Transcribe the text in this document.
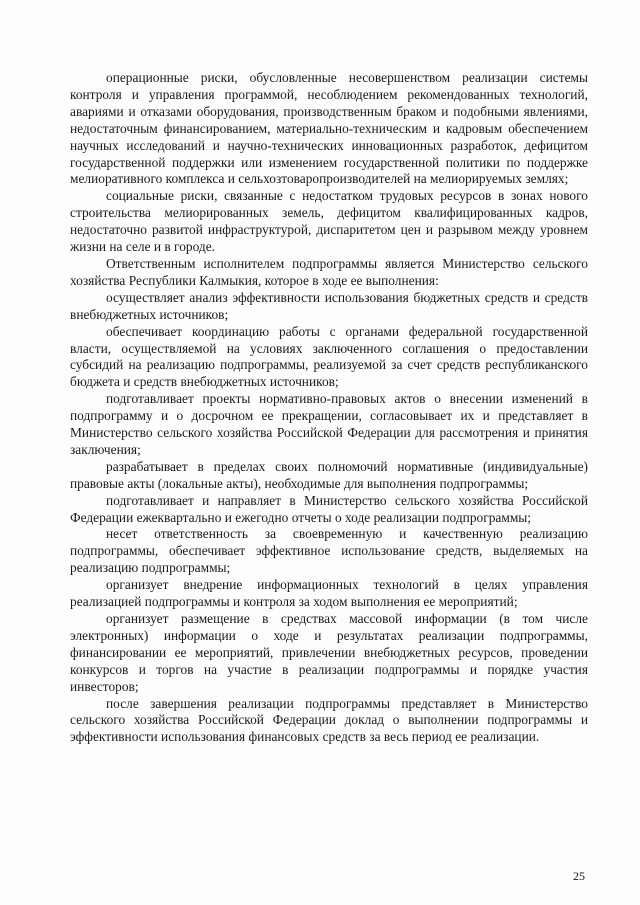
операционные риски, обусловленные несовершенством реализации системы контроля и управления программой, несоблюдением рекомендованных технологий, авариями и отказами оборудования, производственным браком и подобными явлениями, недостаточным финансированием, материально-техническим и кадровым обеспечением научных исследований и научно-технических инновационных разработок, дефицитом государственной поддержки или изменением государственной политики по поддержке мелиоративного комплекса и сельхозтоваропроизводителей на мелиорируемых землях;

социальные риски, связанные с недостатком трудовых ресурсов в зонах нового строительства мелиорированных земель, дефицитом квалифицированных кадров, недостаточно развитой инфраструктурой, диспаритетом цен и разрывом между уровнем жизни на селе и в городе.

Ответственным исполнителем подпрограммы является Министерство сельского хозяйства Республики Калмыкия, которое в ходе ее выполнения:

осуществляет анализ эффективности использования бюджетных средств и средств внебюджетных источников;

обеспечивает координацию работы с органами федеральной государственной власти, осуществляемой на условиях заключенного соглашения о предоставлении субсидий на реализацию подпрограммы, реализуемой за счет средств республиканского бюджета и средств внебюджетных источников;

подготавливает проекты нормативно-правовых актов о внесении изменений в подпрограмму и о досрочном ее прекращении, согласовывает их и представляет в Министерство сельского хозяйства Российской Федерации для рассмотрения и принятия заключения;

разрабатывает в пределах своих полномочий нормативные (индивидуальные) правовые акты (локальные акты), необходимые для выполнения подпрограммы;

подготавливает и направляет в Министерство сельского хозяйства Российской Федерации ежеквартально и ежегодно отчеты о ходе реализации подпрограммы;

несет ответственность за своевременную и качественную реализацию подпрограммы, обеспечивает эффективное использование средств, выделяемых на реализацию подпрограммы;

организует внедрение информационных технологий в целях управления реализацией подпрограммы и контроля за ходом выполнения ее мероприятий;

организует размещение в средствах массовой информации (в том числе электронных) информации о ходе и результатах реализации подпрограммы, финансировании ее мероприятий, привлечении внебюджетных ресурсов, проведении конкурсов и торгов на участие в реализации подпрограммы и порядке участия инвесторов;

после завершения реализации подпрограммы представляет в Министерство сельского хозяйства Российской Федерации доклад о выполнении подпрограммы и эффективности использования финансовых средств за весь период ее реализации.

25
